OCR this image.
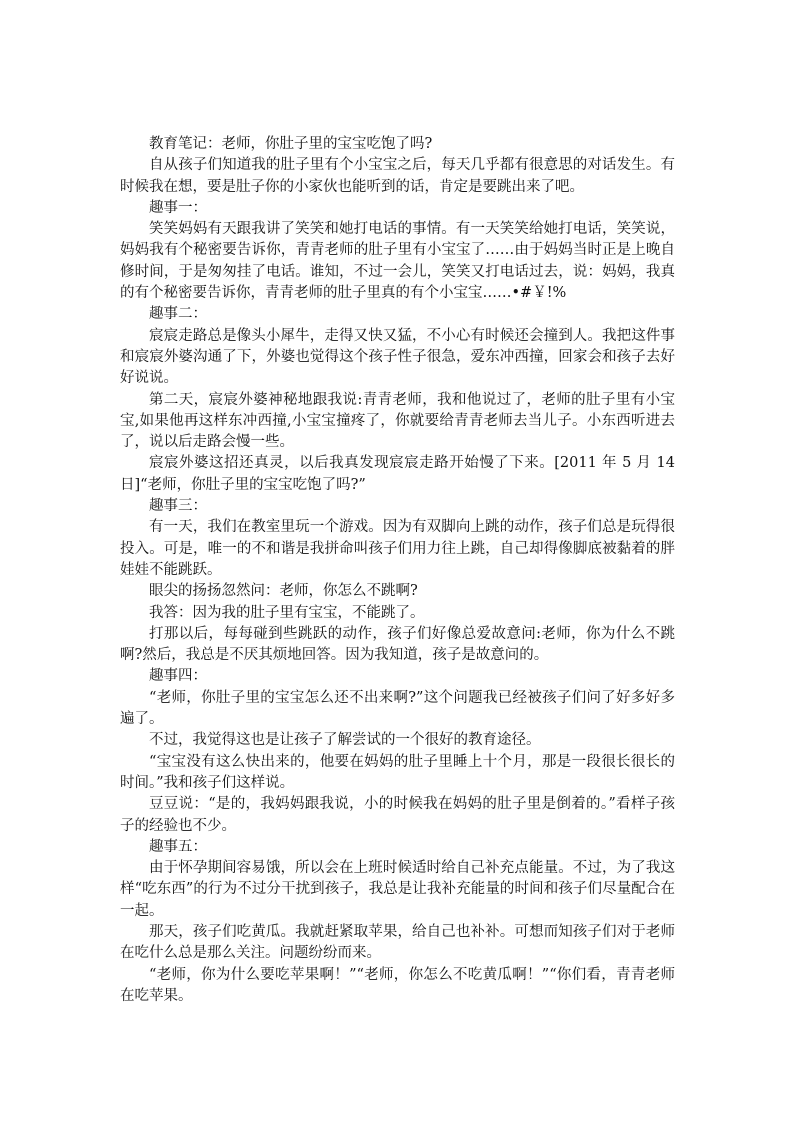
教育笔记：老师，你肚子里的宝宝吃饱了吗?

自从孩子们知道我的肚子里有个小宝宝之后，每天几乎都有很意思的对话发生。有时候我在想，要是肚子你的小家伙也能听到的话，肯定是要跳出来了吧。

趣事一：

笑笑妈妈有天跟我讲了笑笑和她打电话的事情。有一天笑笑给她打电话，笑笑说，妈妈我有个秘密要告诉你，青青老师的肚子里有小宝宝了……由于妈妈当时正是上晚自修时间，于是匆匆挂了电话。谁知，不过一会儿，笑笑又打电话过去，说：妈妈，我真的有个秘密要告诉你，青青老师的肚子里真的有个小宝宝……•#￥!%

趣事二：

宸宸走路总是像头小犀牛，走得又快又猛，不小心有时候还会撞到人。我把这件事和宸宸外婆沟通了下，外婆也觉得这个孩子性子很急，爱东冲西撞，回家会和孩子去好好说说。

第二天，宸宸外婆神秘地跟我说:青青老师，我和他说过了，老师的肚子里有小宝宝,如果他再这样东冲西撞,小宝宝撞疼了，你就要给青青老师去当儿子。小东西听进去了，说以后走路会慢一些。

宸宸外婆这招还真灵，以后我真发现宸宸走路开始慢了下来。[2011 年 5 月 14 日]“老师，你肚子里的宝宝吃饱了吗?”

趣事三：

有一天，我们在教室里玩一个游戏。因为有双脚向上跳的动作，孩子们总是玩得很投入。可是，唯一的不和谐是我拼命叫孩子们用力往上跳，自己却得像脚底被黏着的胖娃娃不能跳跃。

眼尖的扬扬忽然问：老师，你怎么不跳啊?

我答：因为我的肚子里有宝宝，不能跳了。

打那以后，每每碰到些跳跃的动作，孩子们好像总爱故意问:老师，你为什么不跳啊?然后，我总是不厌其烦地回答。因为我知道，孩子是故意问的。

趣事四：

“老师，你肚子里的宝宝怎么还不出来啊?”这个问题我已经被孩子们问了好多好多遍了。

不过，我觉得这也是让孩子了解尝试的一个很好的教育途径。

“宝宝没有这么快出来的，他要在妈妈的肚子里睡上十个月，那是一段很长很长的时间。”我和孩子们这样说。

豆豆说：“是的，我妈妈跟我说，小的时候我在妈妈的肚子里是倒着的。”看样子孩子的经验也不少。

趣事五：

由于怀孕期间容易饿，所以会在上班时候适时给自己补充点能量。不过，为了我这样“吃东西”的行为不过分干扰到孩子，我总是让我补充能量的时间和孩子们尽量配合在一起。

那天，孩子们吃黄瓜。我就赶紧取苹果，给自己也补补。可想而知孩子们对于老师在吃什么总是那么关注。问题纷纷而来。

“老师，你为什么要吃苹果啊！”“老师，你怎么不吃黄瓜啊！”“你们看，青青老师在吃苹果。
